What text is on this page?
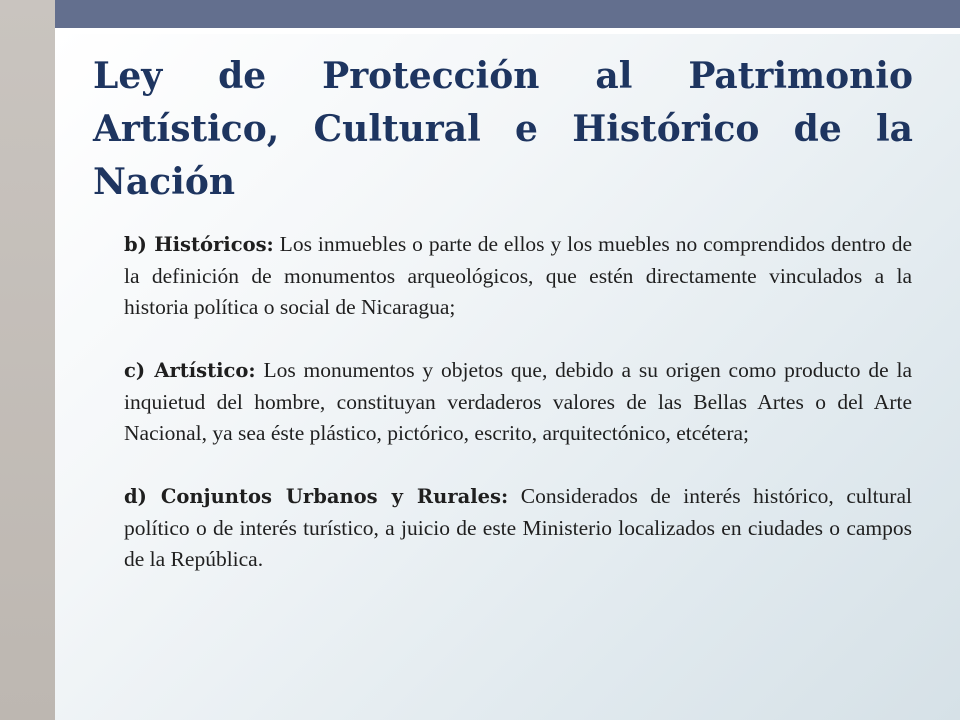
Ley de Protección al Patrimonio Artístico, Cultural e Histórico de la Nación

b) Históricos: Los inmuebles o parte de ellos y los muebles no comprendidos dentro de la definición de monumentos arqueológicos, que estén directamente vinculados a la historia política o social de Nicaragua;

c) Artístico: Los monumentos y objetos que, debido a su origen como producto de la inquietud del hombre, constituyan verdaderos valores de las Bellas Artes o del Arte Nacional, ya sea éste plástico, pictórico, escrito, arquitectónico, etcétera;

d) Conjuntos Urbanos y Rurales: Considerados de interés histórico, cultural político o de interés turístico, a juicio de este Ministerio localizados en ciudades o campos de la República.
